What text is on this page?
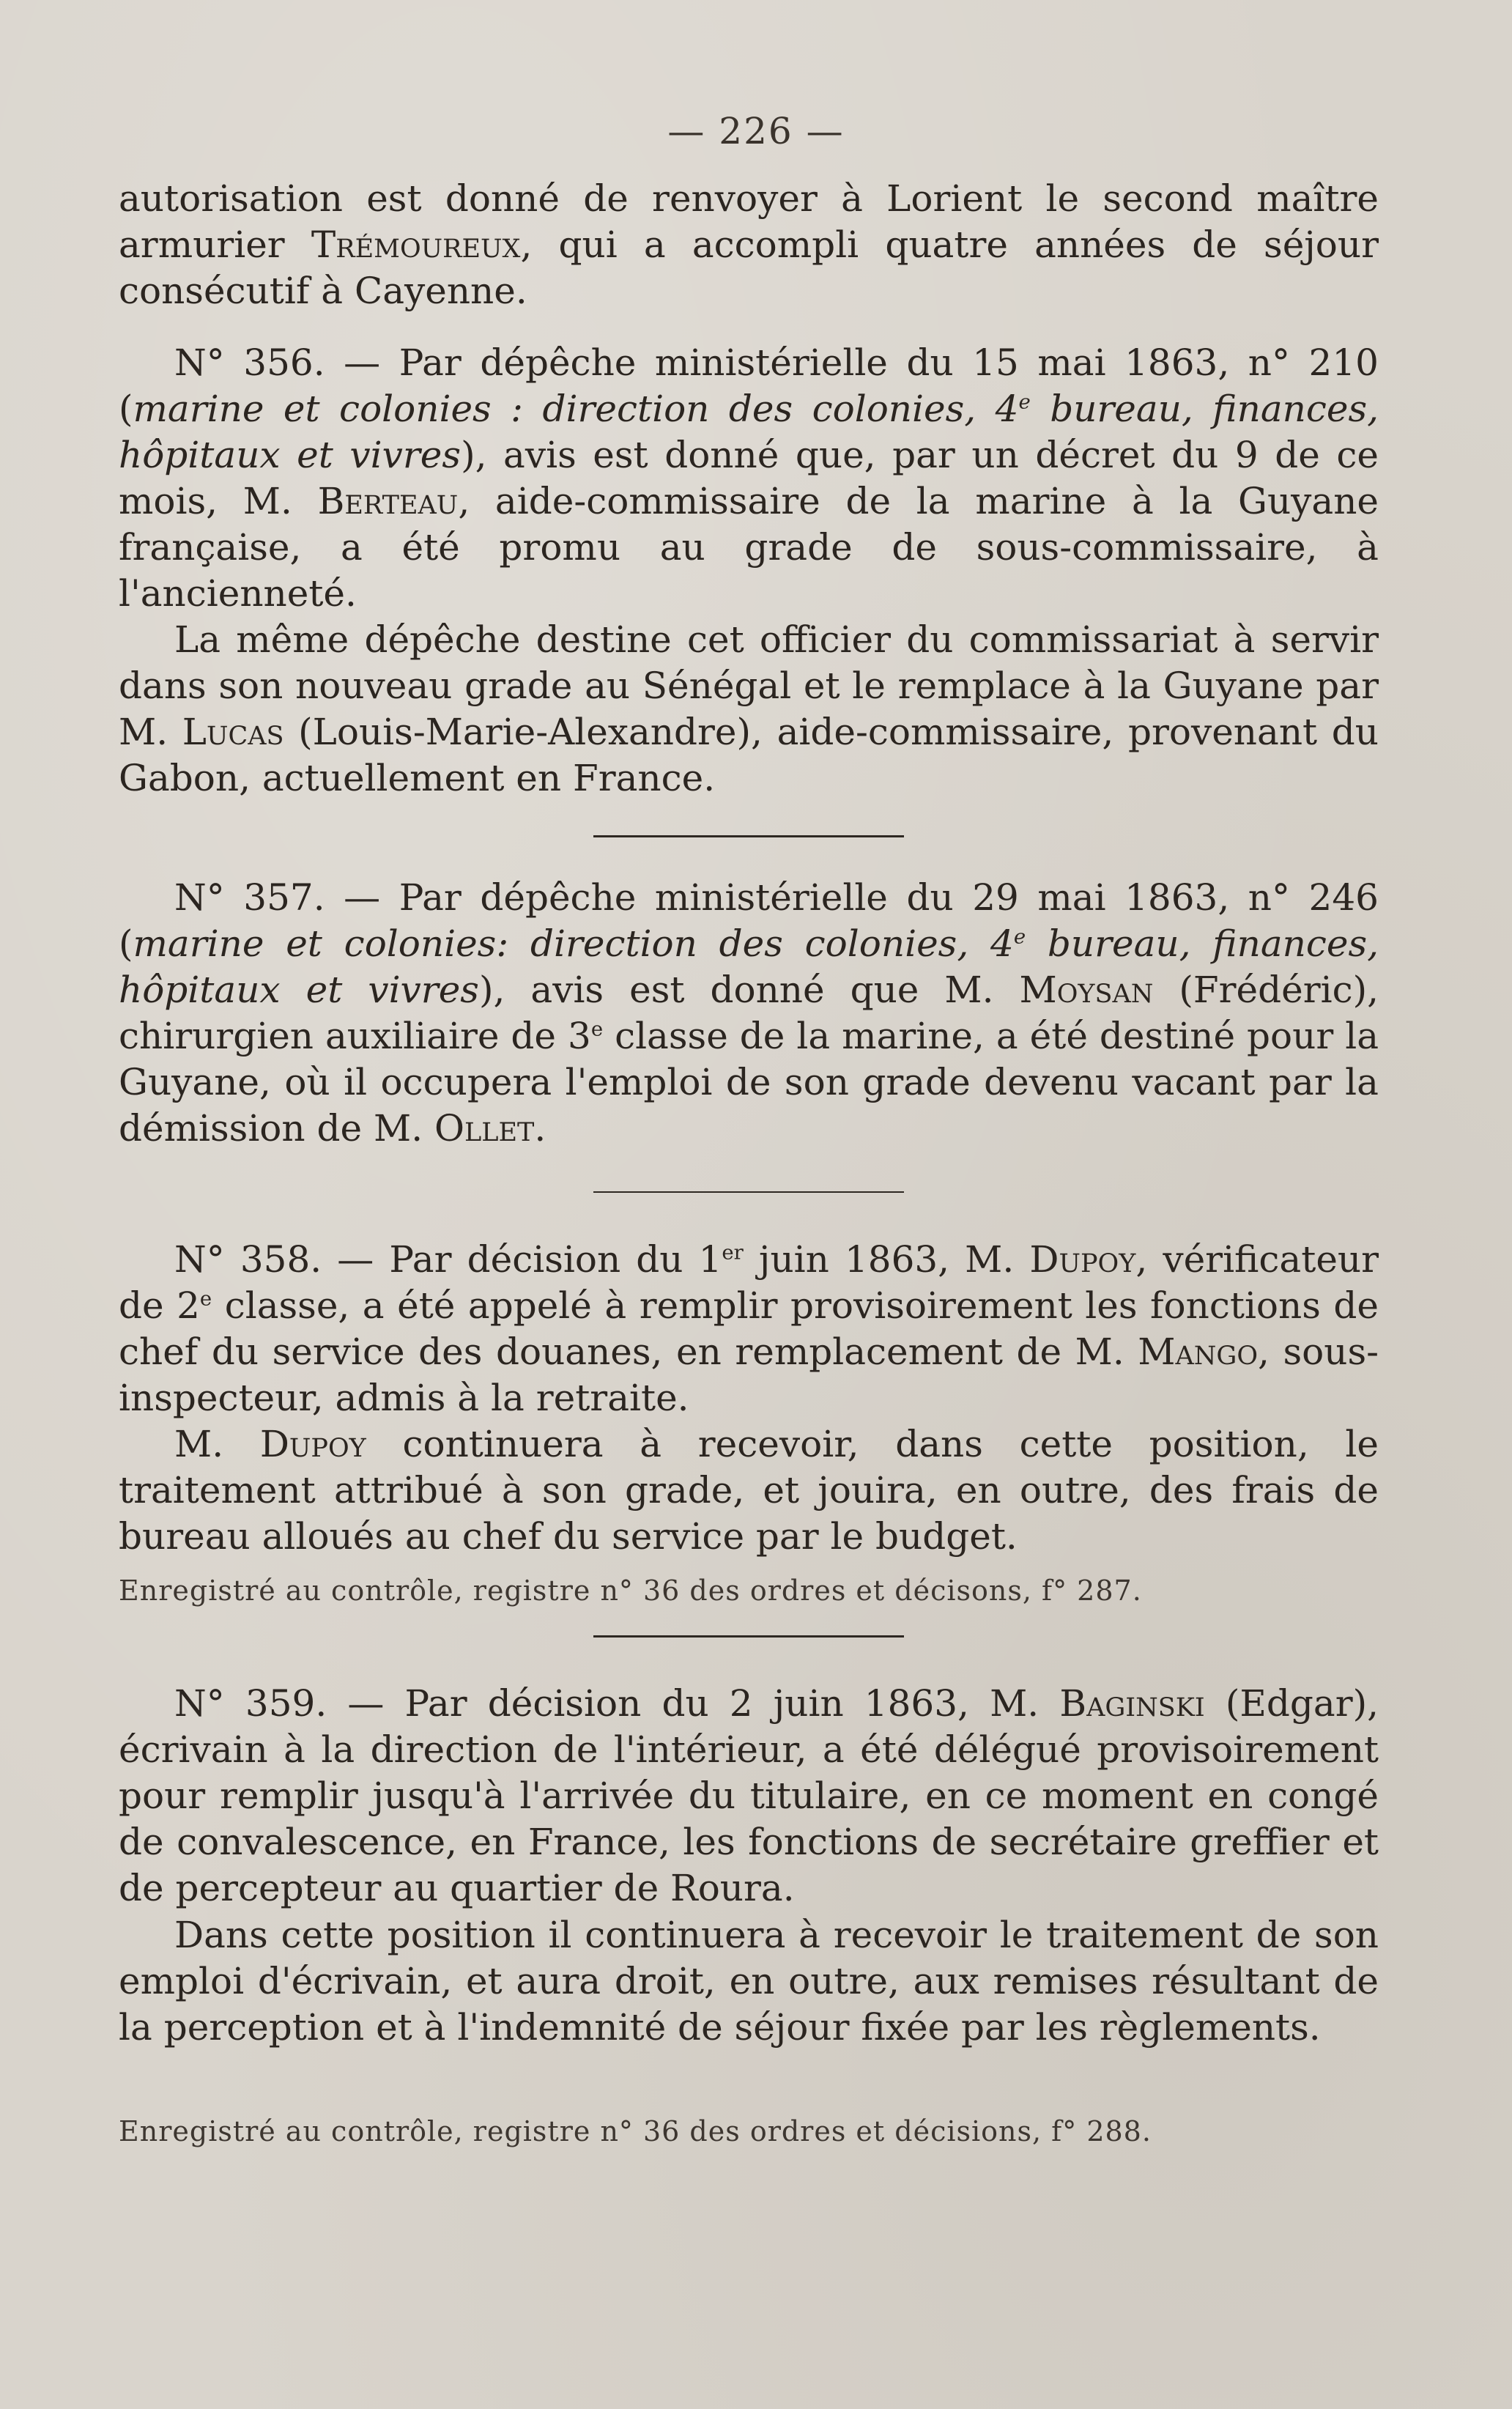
— 226 —
autorisation est donné de renvoyer à Lorient le second maître armurier Trémoureux, qui a accompli quatre années de séjour consécutif à Cayenne.
N° 356. — Par dépêche ministérielle du 15 mai 1863, n° 210 (marine et colonies : direction des colonies, 4e bureau, finances, hôpitaux et vivres), avis est donné que, par un décret du 9 de ce mois, M. Berteau, aide-commissaire de la marine à la Guyane française, a été promu au grade de sous-commissaire, à l'ancienneté.
La même dépêche destine cet officier du commissariat à servir dans son nouveau grade au Sénégal et le remplace à la Guyane par M. Lucas (Louis-Marie-Alexandre), aide-commissaire, provenant du Gabon, actuellement en France.
N° 357. — Par dépêche ministérielle du 29 mai 1863, n° 246 (marine et colonies: direction des colonies, 4e bureau, finances, hôpitaux et vivres), avis est donné que M. Moysan (Frédéric), chirurgien auxiliaire de 3e classe de la marine, a été destiné pour la Guyane, où il occupera l'emploi de son grade devenu vacant par la démission de M. Ollet.
N° 358. — Par décision du 1er juin 1863, M. Dupoy, vérificateur de 2e classe, a été appelé à remplir provisoirement les fonctions de chef du service des douanes, en remplacement de M. Mango, sous-inspecteur, admis à la retraite.
M. Dupoy continuera à recevoir, dans cette position, le traitement attribué à son grade, et jouira, en outre, des frais de bureau alloués au chef du service par le budget.
Enregistré au contrôle, registre n° 36 des ordres et décisons, f° 287.
N° 359. — Par décision du 2 juin 1863, M. Baginski (Edgar), écrivain à la direction de l'intérieur, a été délégué provisoirement pour remplir jusqu'à l'arrivée du titulaire, en ce moment en congé de convalescence, en France, les fonctions de secrétaire greffier et de percepteur au quartier de Roura.
Dans cette position il continuera à recevoir le traitement de son emploi d'écrivain, et aura droit, en outre, aux remises résultant de la perception et à l'indemnité de séjour fixée par les règlements.
Enregistré au contrôle, registre n° 36 des ordres et décisions, f° 288.
